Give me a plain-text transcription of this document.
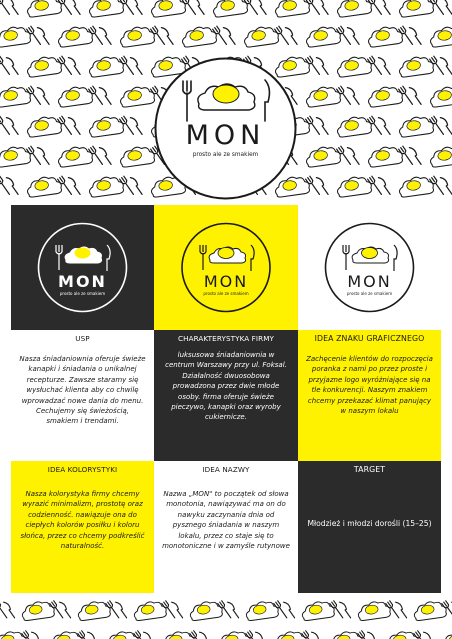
MON
prosto ale ze smakiem
MON
prosto ale ze smakiem
MON
prosto ale ze smakiem
MON
prosto ale ze smakiem
USP
Nasza śniadaniownia oferuje świeże kanapki i śniadania o unikalnej recepturze. Zawsze staramy się wysłuchać klienta aby co chwilę wprowadzać nowe dania do menu. Cechujemy się świeżością, smakiem i trendami.
CHARAKTERYSTYKA FIRMY
luksusowa śniadaniownia w centrum Warszawy przy ul. Foksal. Działalność dwuosobowa prowadzona przez dwie młode osoby. firma oferuje świeże pieczywo, kanapki oraz wyroby cukiernicze.
IDEA ZNAKU GRAFICZNEGO
Zachęcenie klientów do rozpoczęcia poranka z nami po przez proste i przyjazne logo wyróżniające się na tle konkurencji. Naszym znakiem chcemy przekazać klimat panujący w naszym lokalu
IDEA KOLORYSTYKI
Nasza kolorystyka firmy chcemy wyrazić minimalizm, prostotę oraz codzienność. nawiązuje ona do ciepłych kolorów posiłku i koloru słońca, przez co chcemy podkreślić naturalność.
IDEA NAZWY
Nazwa „MON" to początek od słowa monotonia, nawiązywać ma on do nawyku zaczynania dnia od pysznego śniadania w naszym lokalu, przez co staje się to monotoniczne i w zamyśle rutynowe
TARGET
Młodzież i młodzi dorośli (15–25)
